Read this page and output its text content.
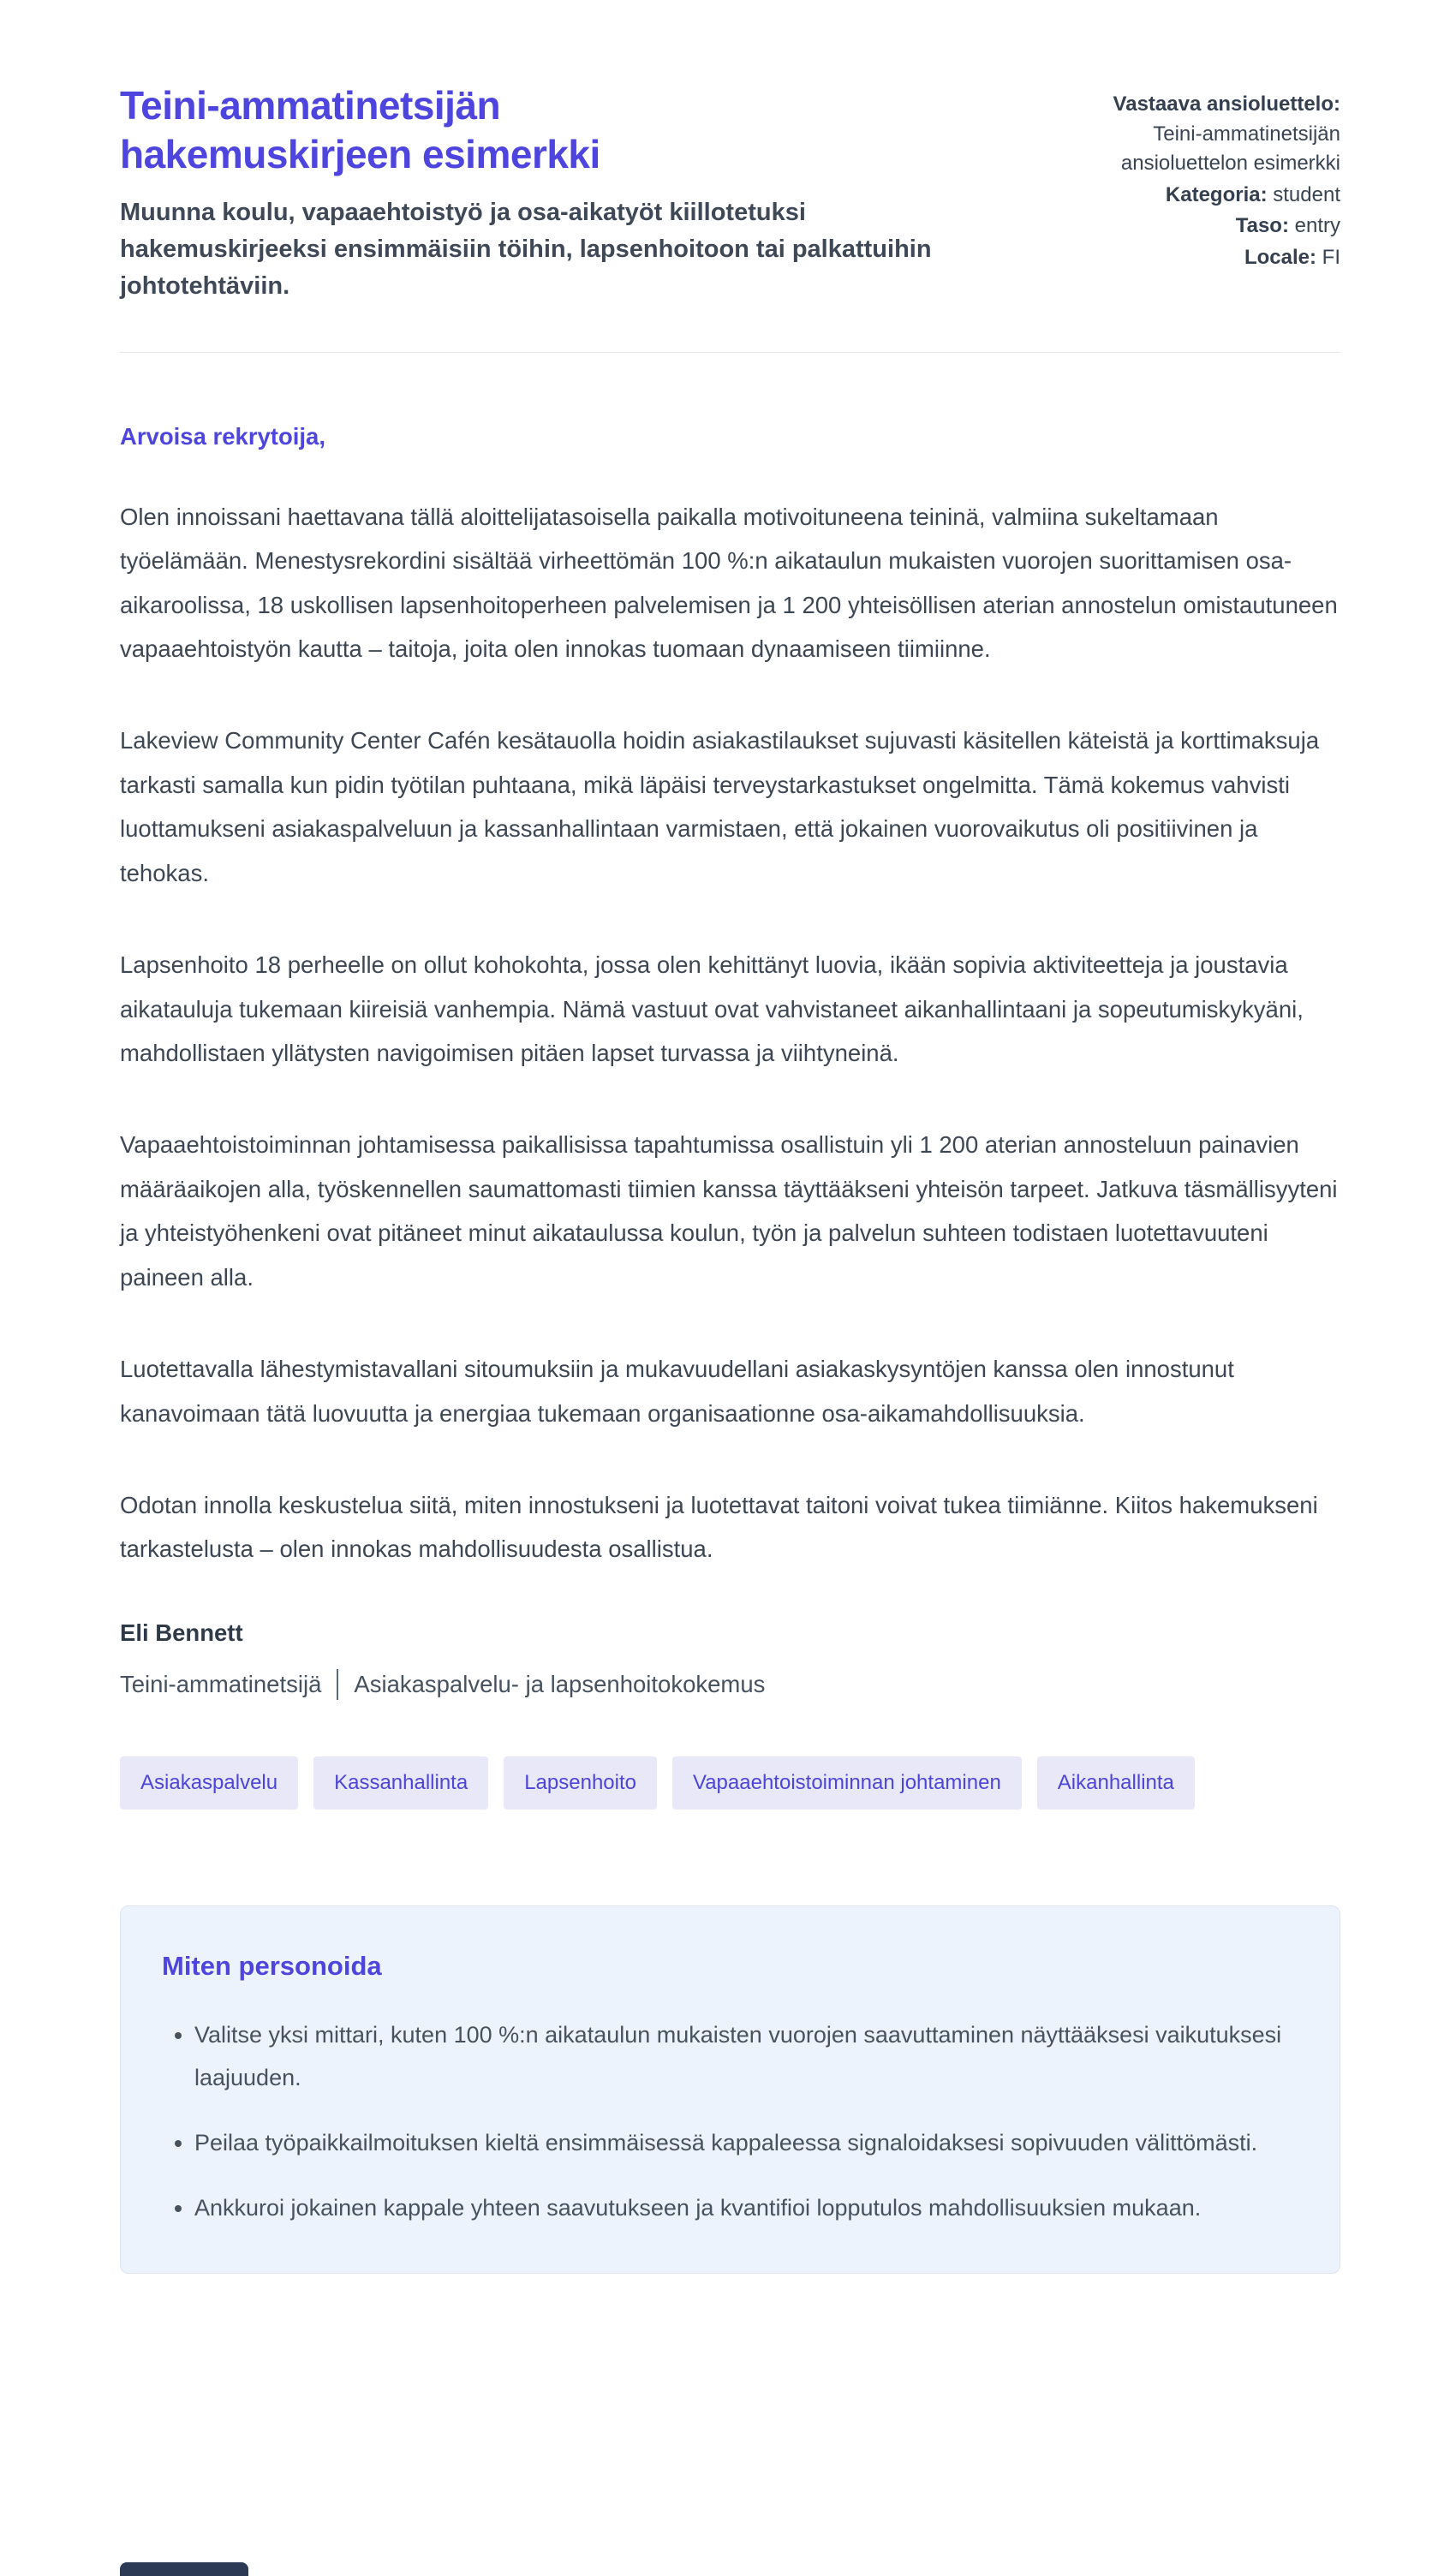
Teini-ammatinetsijän hakemuskirjeen esimerkki

Muunna koulu, vapaaehtoistyö ja osa-aikatyöt kiillotetuksi hakemuskirjeeksi ensimmäisiin töihin, lapsenhoitoon tai palkattuihin johtotehtäviin.

Vastaava ansioluettelo:
Teini-ammatinetsijän ansioluettelon esimerkki
Kategoria: student
Taso: entry
Locale: FI

Arvoisa rekrytoija,

Olen innoissani haettavana tällä aloittelijatasoisella paikalla motivoituneena teininä, valmiina sukeltamaan työelämään. Menestysrekordini sisältää virheettömän 100 %:n aikataulun mukaisten vuorojen suorittamisen osa-aikaroolissa, 18 uskollisen lapsenhoitoperheen palvelemisen ja 1 200 yhteisöllisen aterian annostelun omistautuneen vapaaehtoistyön kautta – taitoja, joita olen innokas tuomaan dynaamiseen tiimiinne.

Lakeview Community Center Cafén kesätauolla hoidin asiakastilaukset sujuvasti käsitellen käteistä ja korttimaksuja tarkasti samalla kun pidin työtilan puhtaana, mikä läpäisi terveystarkastukset ongelmitta. Tämä kokemus vahvisti luottamukseni asiakaspalveluun ja kassanhallintaan varmistaen, että jokainen vuorovaikutus oli positiivinen ja tehokas.

Lapsenhoito 18 perheelle on ollut kohokohta, jossa olen kehittänyt luovia, ikään sopivia aktiviteetteja ja joustavia aikatauluja tukemaan kiireisiä vanhempia. Nämä vastuut ovat vahvistaneet aikanhallintaani ja sopeutumiskykyäni, mahdollistaen yllätysten navigoimisen pitäen lapset turvassa ja viihtyneinä.

Vapaaehtoistoiminnan johtamisessa paikallisissa tapahtumissa osallistuin yli 1 200 aterian annosteluun painavien määräaikojen alla, työskennellen saumattomasti tiimien kanssa täyttääkseni yhteisön tarpeet. Jatkuva täsmällisyyteni ja yhteistyöhenkeni ovat pitäneet minut aikataulussa koulun, työn ja palvelun suhteen todistaen luotettavuuteni paineen alla.

Luotettavalla lähestymistavallani sitoumuksiin ja mukavuudellani asiakaskysyntöjen kanssa olen innostunut kanavoimaan tätä luovuutta ja energiaa tukemaan organisaationne osa-aikamahdollisuuksia.

Odotan innolla keskustelua siitä, miten innostukseni ja luotettavat taitoni voivat tukea tiimiänne. Kiitos hakemukseni tarkastelusta – olen innokas mahdollisuudesta osallistua.

Eli Bennett
Teini-ammatinetsijä Asiakaspalvelu- ja lapsenhoitokokemus
Asiakaspalvelu	Kassanhallinta	Lapsenhoito	Vapaaehtoistoiminnan johtaminen	Aikanhallinta
Miten personoida
• Valitse yksi mittari, kuten 100 %:n aikataulun mukaisten vuorojen saavuttaminen näyttääksesi vaikutuksesi laajuuden.
• Peilaa työpaikkailmoituksen kieltä ensimmäisessä kappaleessa signaloidaksesi sopivuuden välittömästi.
• Ankkuroi jokainen kappale yhteen saavutukseen ja kvantifioi lopputulos mahdollisuuksien mukaan.
